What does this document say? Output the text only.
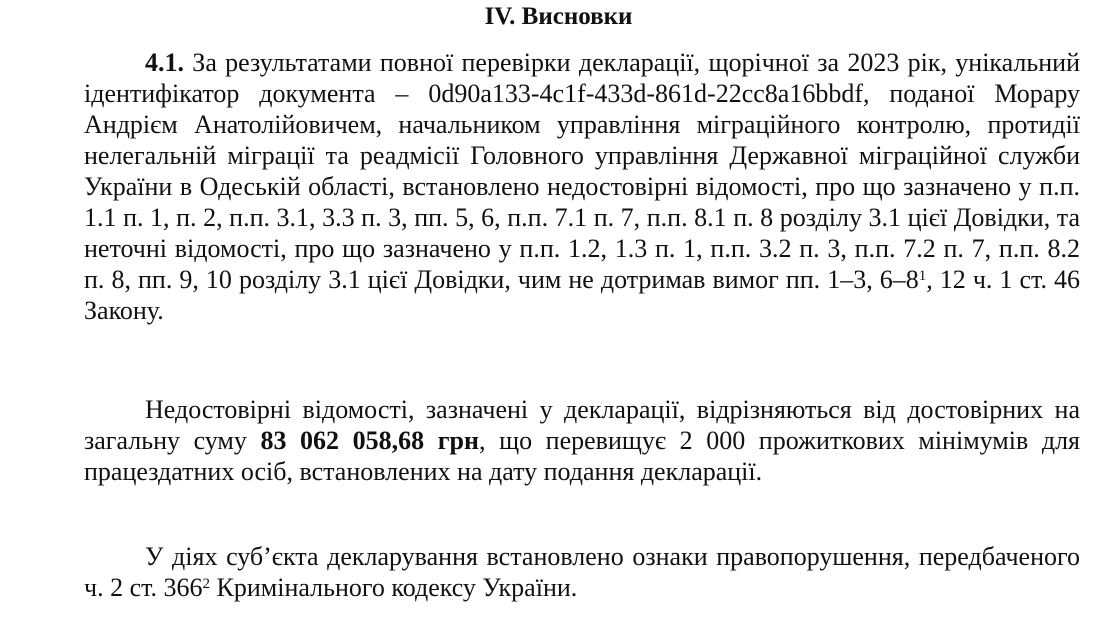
IV. Висновки

4.1. За результатами повної перевірки декларації, щорічної за 2023 рік, унікальний ідентифікатор документа – 0d90a133-4c1f-433d-861d-22cc8a16bbdf, поданої Морару Андрієм Анатолійовичем, начальником управління міграційного контролю, протидії нелегальній міграції та реадмісії Головного управління Державної міграційної служби України в Одеській області, встановлено недостовірні відомості, про що зазначено у п.п. 1.1 п. 1, п. 2, п.п. 3.1, 3.3 п. 3, пп. 5, 6, п.п. 7.1 п. 7, п.п. 8.1 п. 8 розділу 3.1 цієї Довідки, та неточні відомості, про що зазначено у п.п. 1.2, 1.3 п. 1, п.п. 3.2 п. 3, п.п. 7.2 п. 7, п.п. 8.2 п. 8, пп. 9, 10 розділу 3.1 цієї Довідки, чим не дотримав вимог пп. 1–3, $6-8^1$, 12 ч. 1 ст. 46 Закону.

Недостовірні відомості, зазначені у декларації, відрізняються від достовірних на загальну суму 83 062 058,68 грн, що перевищує 2 000 прожиткових мінімумів для працездатних осіб, встановлених на дату подання декларації.

У діях суб’єкта декларування встановлено ознаки правопорушення, передбаченого ч. 2 ст. $366^2$ Кримінального кодексу України.
